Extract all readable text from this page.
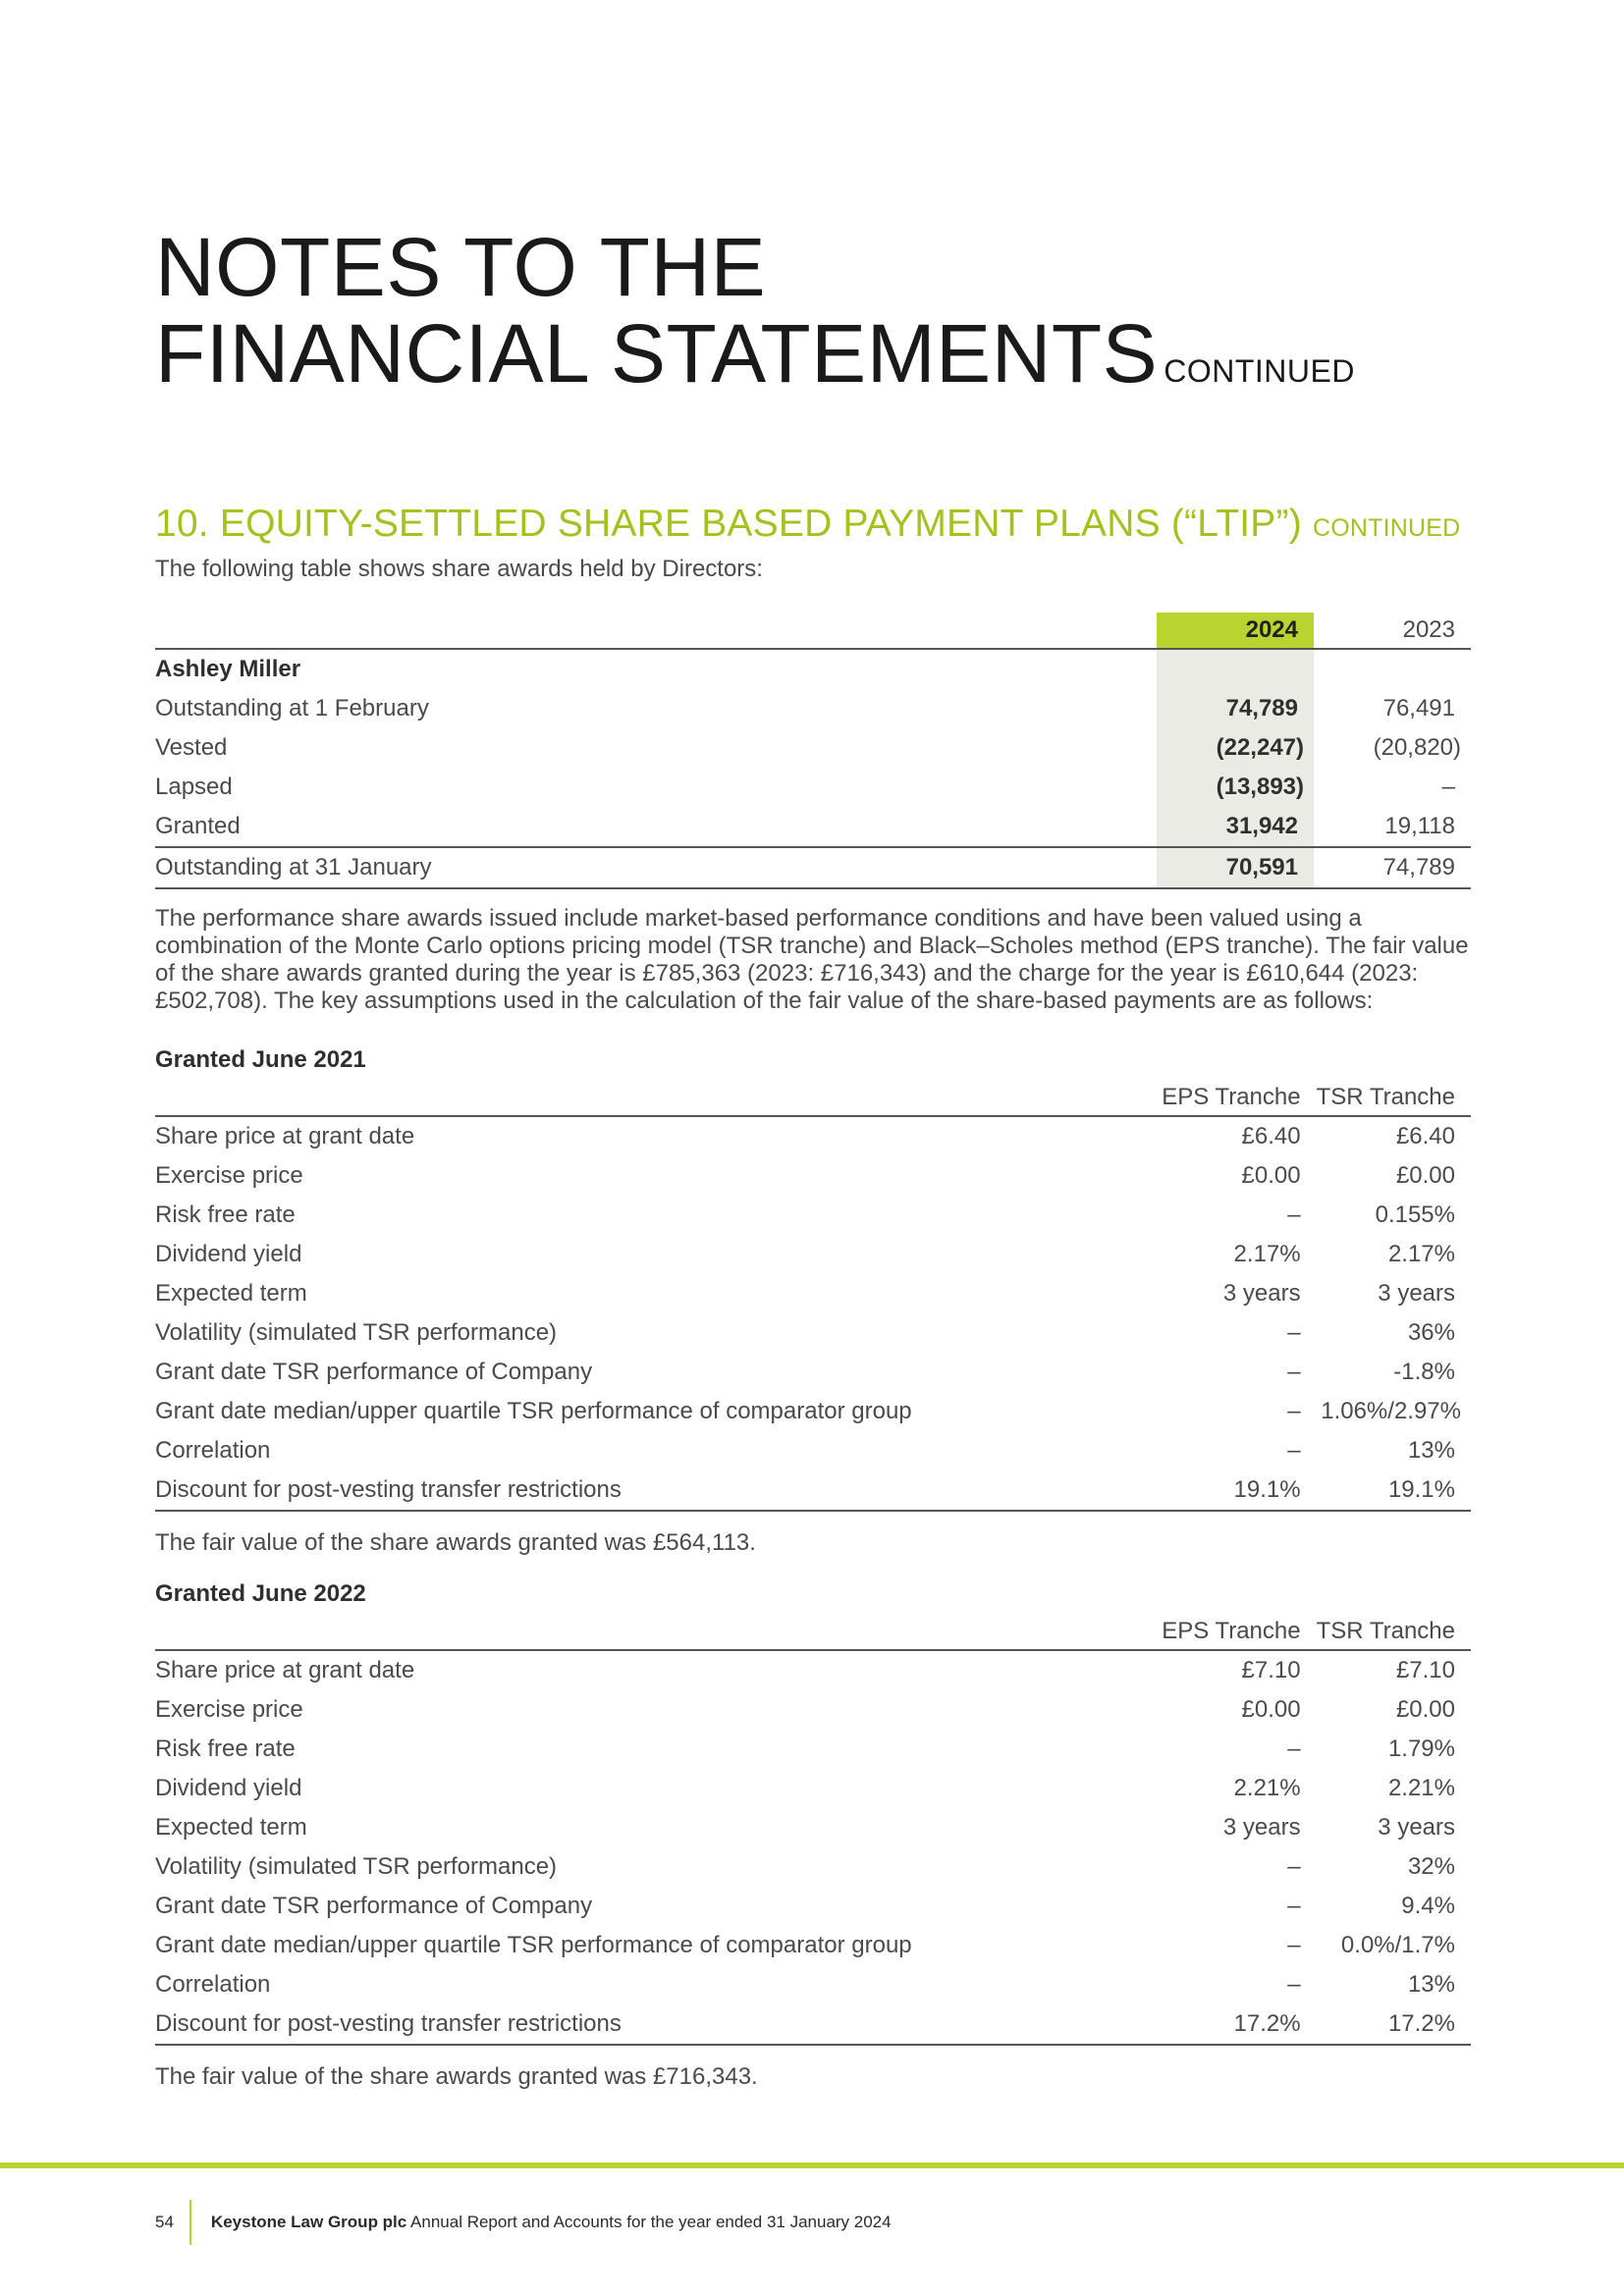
NOTES TO THE
FINANCIAL STATEMENTS CONTINUED
10. EQUITY-SETTLED SHARE BASED PAYMENT PLANS (“LTIP”) CONTINUED
The following table shows share awards held by Directors:
	2024	2023
Ashley Miller		
Outstanding at 1 February	74,789	76,491
Vested	(22,247)	(20,820)
Lapsed	(13,893)	–
Granted	31,942	19,118
Outstanding at 31 January	70,591	74,789
The performance share awards issued include market-based performance conditions and have been valued using a combination of the Monte Carlo options pricing model (TSR tranche) and Black–Scholes method (EPS tranche). The fair value of the share awards granted during the year is £785,363 (2023: £716,343) and the charge for the year is £610,644 (2023: £502,708). The key assumptions used in the calculation of the fair value of the share-based payments are as follows:
Granted June 2021
	EPS Tranche	TSR Tranche
Share price at grant date	£6.40	£6.40
Exercise price	£0.00	£0.00
Risk free rate	–	0.155%
Dividend yield	2.17%	2.17%
Expected term	3 years	3 years
Volatility (simulated TSR performance)	–	36%
Grant date TSR performance of Company	–	-1.8%
Grant date median/upper quartile TSR performance of comparator group	–	1.06%/2.97%
Correlation	–	13%
Discount for post-vesting transfer restrictions	19.1%	19.1%
The fair value of the share awards granted was £564,113.
Granted June 2022
	EPS Tranche	TSR Tranche
Share price at grant date	£7.10	£7.10
Exercise price	£0.00	£0.00
Risk free rate	–	1.79%
Dividend yield	2.21%	2.21%
Expected term	3 years	3 years
Volatility (simulated TSR performance)	–	32%
Grant date TSR performance of Company	–	9.4%
Grant date median/upper quartile TSR performance of comparator group	–	0.0%/1.7%
Correlation	–	13%
Discount for post-vesting transfer restrictions	17.2%	17.2%
The fair value of the share awards granted was £716,343.
54	Keystone Law Group plc Annual Report and Accounts for the year ended 31 January 2024
